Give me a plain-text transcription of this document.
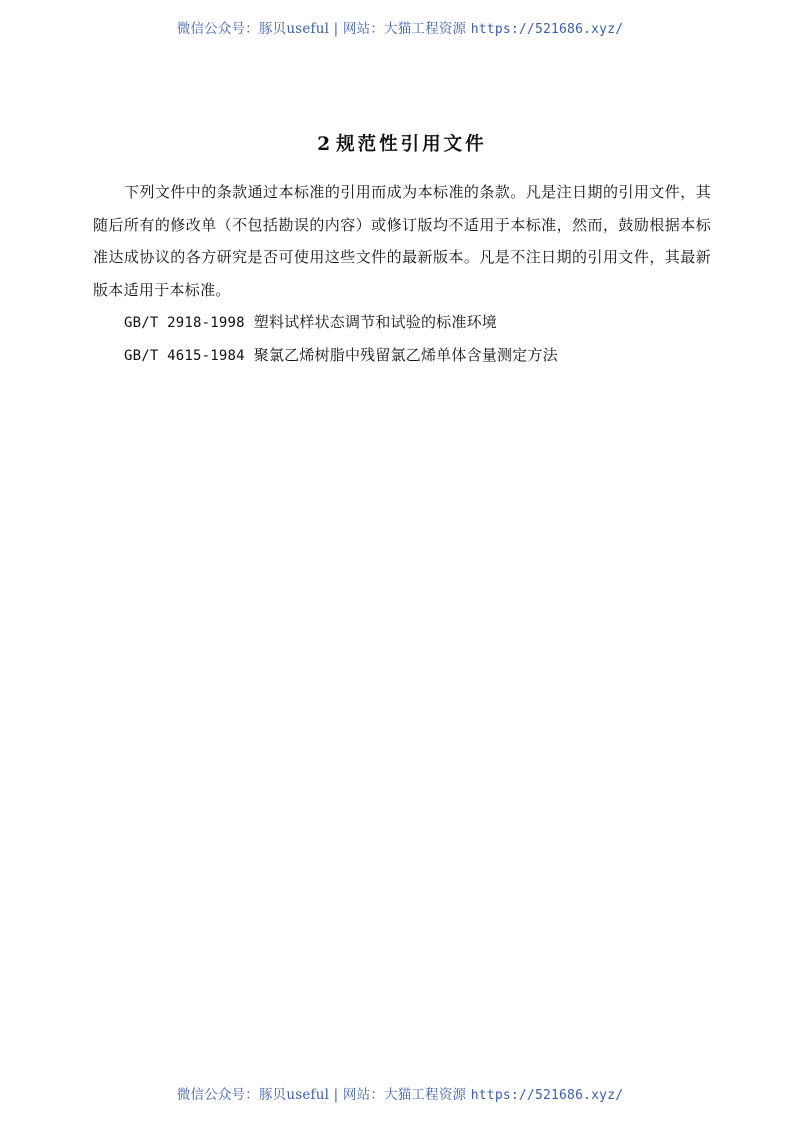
微信公众号：豚贝useful | 网站：大猫工程资源 https://521686.xyz/
2 规范性引用文件

下列文件中的条款通过本标准的引用而成为本标准的条款。凡是注日期的引用文件，其随后所有的修改单（不包括勘误的内容）或修订版均不适用于本标准，然而，鼓励根据本标准达成协议的各方研究是否可使用这些文件的最新版本。凡是不注日期的引用文件，其最新版本适用于本标准。

GB/T 2918-1998 塑料试样状态调节和试验的标准环境

GB/T 4615-1984 聚氯乙烯树脂中残留氯乙烯单体含量测定方法

微信公众号：豚贝useful | 网站：大猫工程资源 https://521686.xyz/
